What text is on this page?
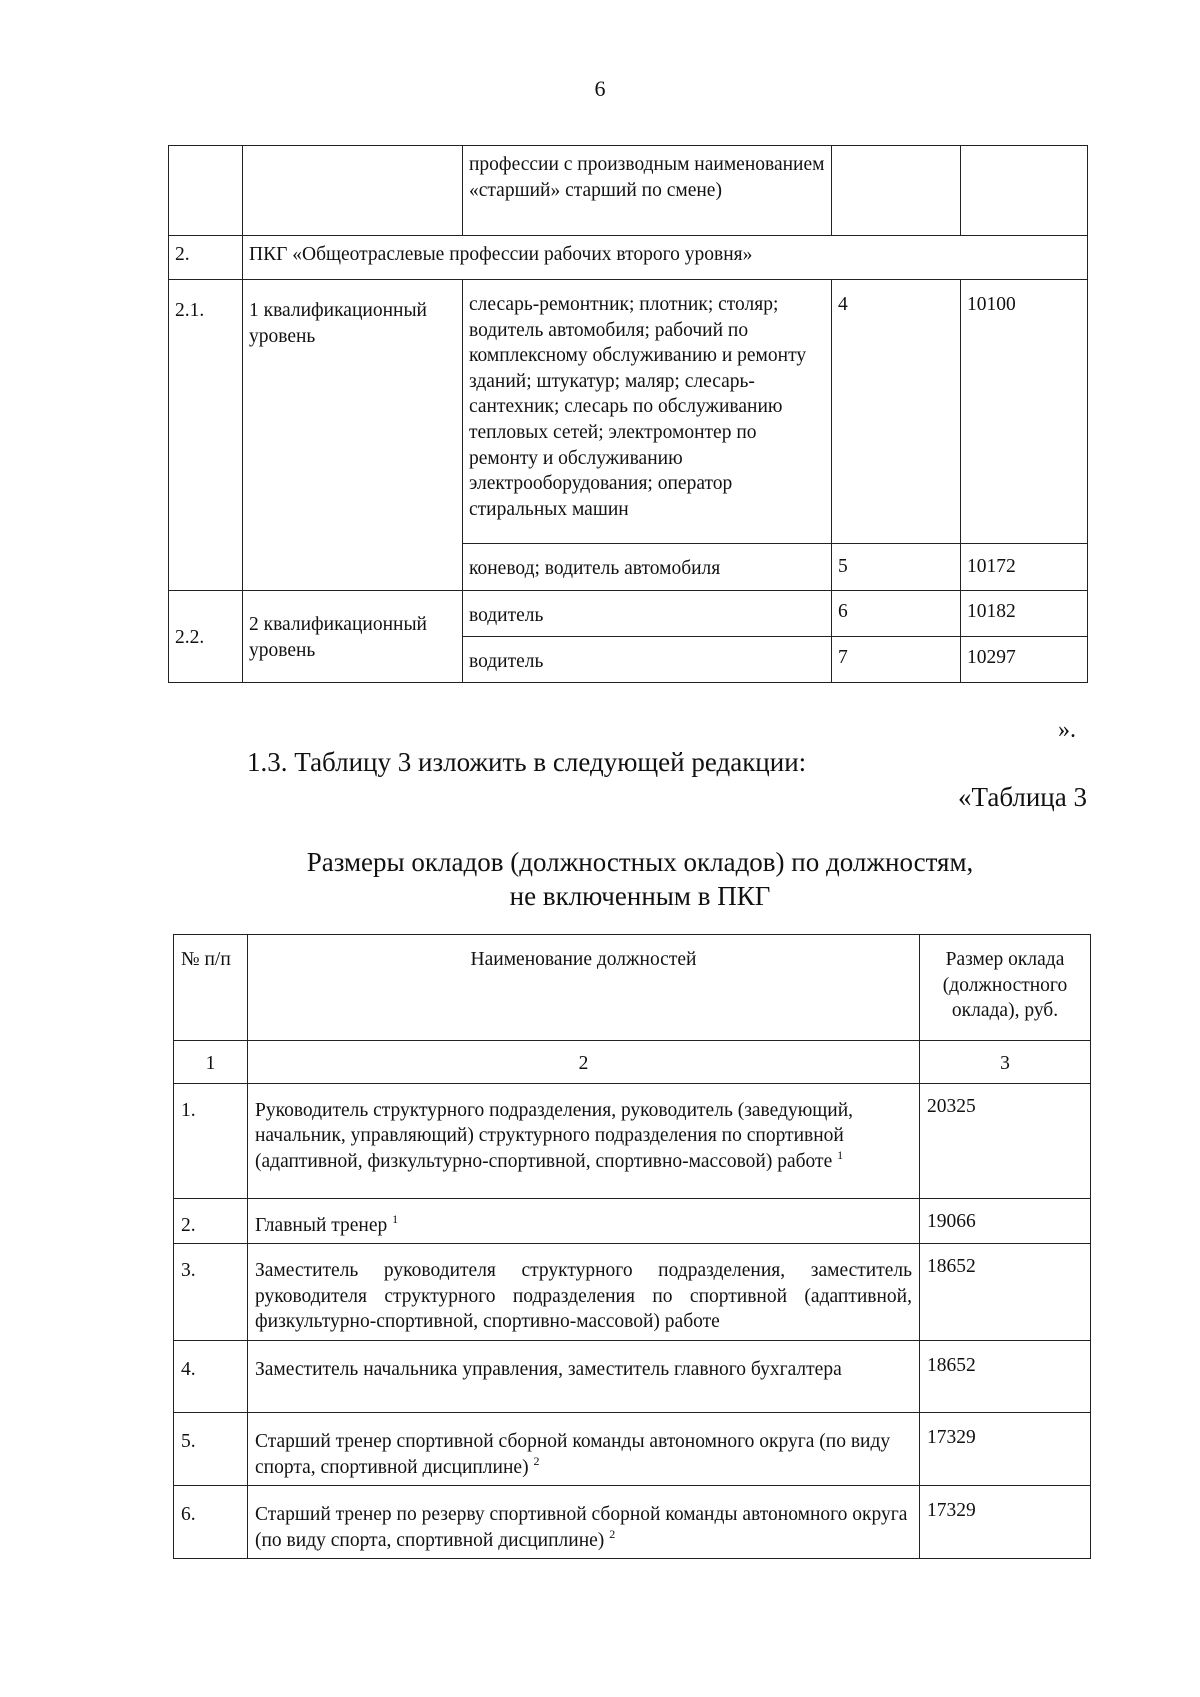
6
		профессии с производным наименованием «старший» старший по смене)		
2.	ПКГ «Общеотраслевые профессии рабочих второго уровня»			
2.1.	1 квалификационный уровень	слесарь-ремонтник; плотник; столяр; водитель автомобиля; рабочий по комплексному обслуживанию и ремонту зданий; штукатур; маляр; слесарь-сантехник; слесарь по обслуживанию тепловых сетей; электромонтер по ремонту и обслуживанию электрооборудования; оператор стиральных машин	4	10100
		коневод; водитель автомобиля	5	10172
2.2.	2 квалификационный уровень	водитель	6	10182
		водитель	7	10297
».
1.3. Таблицу 3 изложить в следующей редакции:
«Таблица 3
Размеры окладов (должностных окладов) по должностям,
не включенным в ПКГ
№ п/п	Наименование должностей	Размер оклада
(должностного
оклада), руб.

1	2	3
1.	Руководитель структурного подразделения, руководитель (заведующий, начальник, управляющий) структурного подразделения по спортивной (адаптивной, физкультурно-спортивной, спортивно-массовой) работе $^1$	20325
2.	Главный тренер $^1$	19066
3.	Заместитель руководителя структурного подразделения, заместитель руководителя структурного подразделения по спортивной (адаптивной, физкультурно-спортивной, спортивно-массовой) работе	18652
4.	Заместитель начальника управления, заместитель главного бухгалтера	18652
5.	Старший тренер спортивной сборной команды автономного округа (по виду спорта, спортивной дисциплине) $^2$	17329
6.	Старший тренер по резерву спортивной сборной команды автономного округа (по виду спорта, спортивной дисциплине) $^2$	17329
